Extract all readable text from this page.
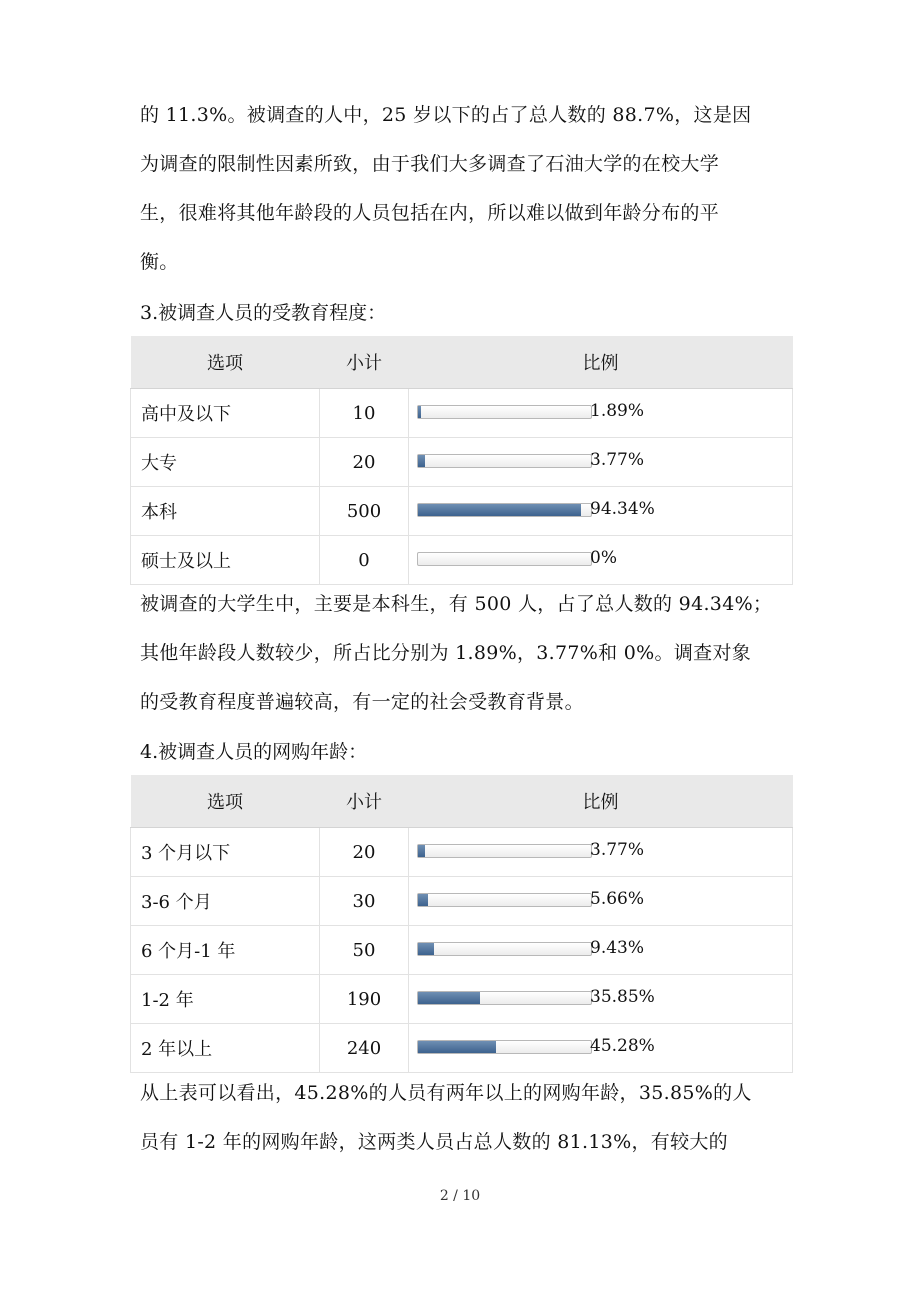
的 11.3%。被调查的人中，25 岁以下的占了总人数的 88.7%，这是因
为调查的限制性因素所致，由于我们大多调查了石油大学的在校大学
生，很难将其他年龄段的人员包括在内，所以难以做到年龄分布的平
衡。
3.被调查人员的受教育程度：
选项	小计	比例
高中及以下	10	1.89%

大专	20	3.77%

本科	500	94.34%

硕士及以上	0	0%
被调查的大学生中，主要是本科生，有 500 人，占了总人数的 94.34%；
其他年龄段人数较少，所占比分别为 1.89%，3.77%和 0%。调查对象
的受教育程度普遍较高，有一定的社会受教育背景。
4.被调查人员的网购年龄：
选项	小计	比例
3 个月以下	20	3.77%

3-6 个月	30	5.66%

6 个月-1 年	50	9.43%

1-2 年	190	35.85%

2 年以上	240	45.28%
从上表可以看出，45.28%的人员有两年以上的网购年龄，35.85%的人
员有 1-2 年的网购年龄，这两类人员占总人数的 81.13%，有较大的
2 / 10
